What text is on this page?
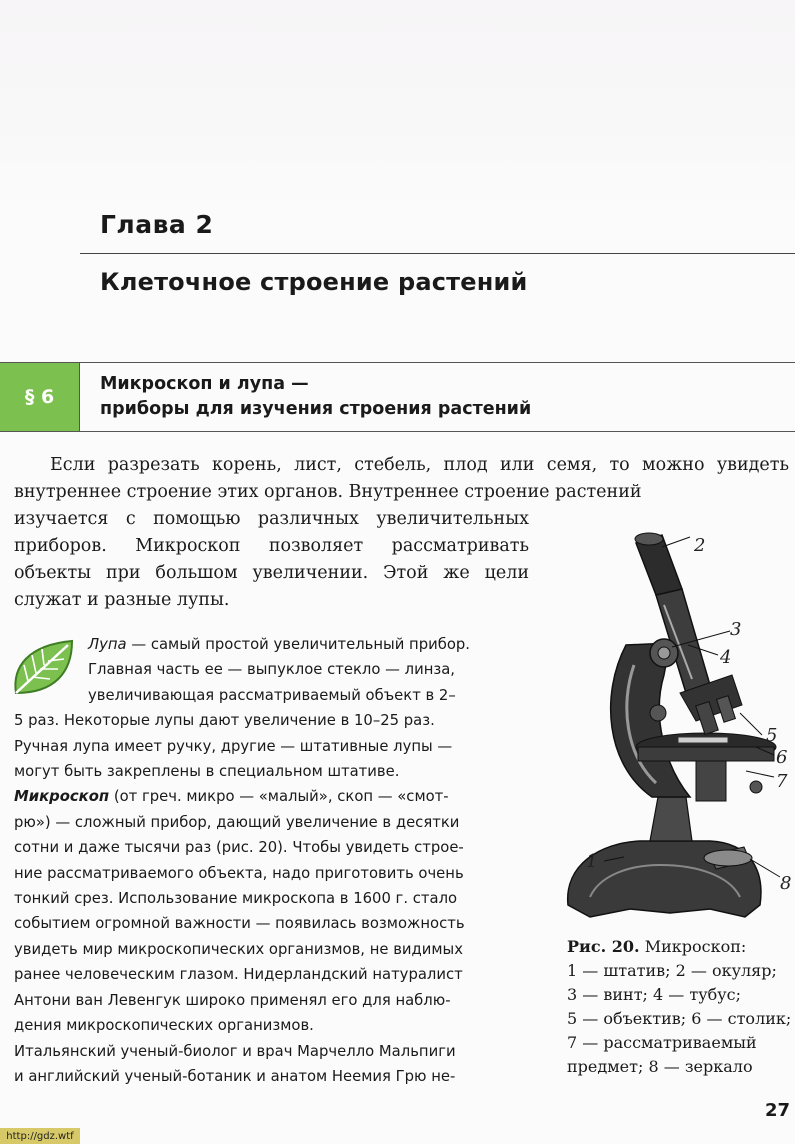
Глава 2
Клеточное строение растений
§ 6
Микроскоп и лупа —
приборы для изучения строения растений
Если разрезать корень, лист, стебель, плод или семя, то можно увидеть внутреннее строение этих органов. Внутреннее строение растений
изучается с помощью различных увеличительных приборов. Микроскоп позволяет рассматривать объекты при большом увеличении. Этой же цели служат и разные лупы.
Лупа — самый простой увеличительный прибор.
Главная часть ее — выпуклое стекло — линза,
увеличивающая рассматриваемый объект в 2–
5 раз. Некоторые лупы дают увеличение в 10–25 раз.
Ручная лупа имеет ручку, другие — штативные лупы —
могут быть закреплены в специальном штативе.
Микроскоп (от греч. микро — «малый», скоп — «смот-
рю») — сложный прибор, дающий увеличение в десятки
сотни и даже тысячи раз (рис. 20). Чтобы увидеть строе-
ние рассматриваемого объекта, надо приготовить очень
тонкий срез. Использование микроскопа в 1600 г. стало
событием огромной важности — появилась возможность
увидеть мир микроскопических организмов, не видимых
ранее человеческим глазом. Нидерландский натуралист
Антони ван Левенгук широко применял его для наблю-
дения микроскопических организмов.
Итальянский ученый-биолог и врач Марчелло Мальпиги
и английский ученый-ботаник и анатом Неемия Грю не-
2
3
4
5
6
7
1
8
Рис. 20. Микроскоп:
1 — штатив; 2 — окуляр;
3 — винт; 4 — тубус;
5 — объектив; 6 — столик;
7 — рассматриваемый
предмет; 8 — зеркало
27
http://gdz.wtf
